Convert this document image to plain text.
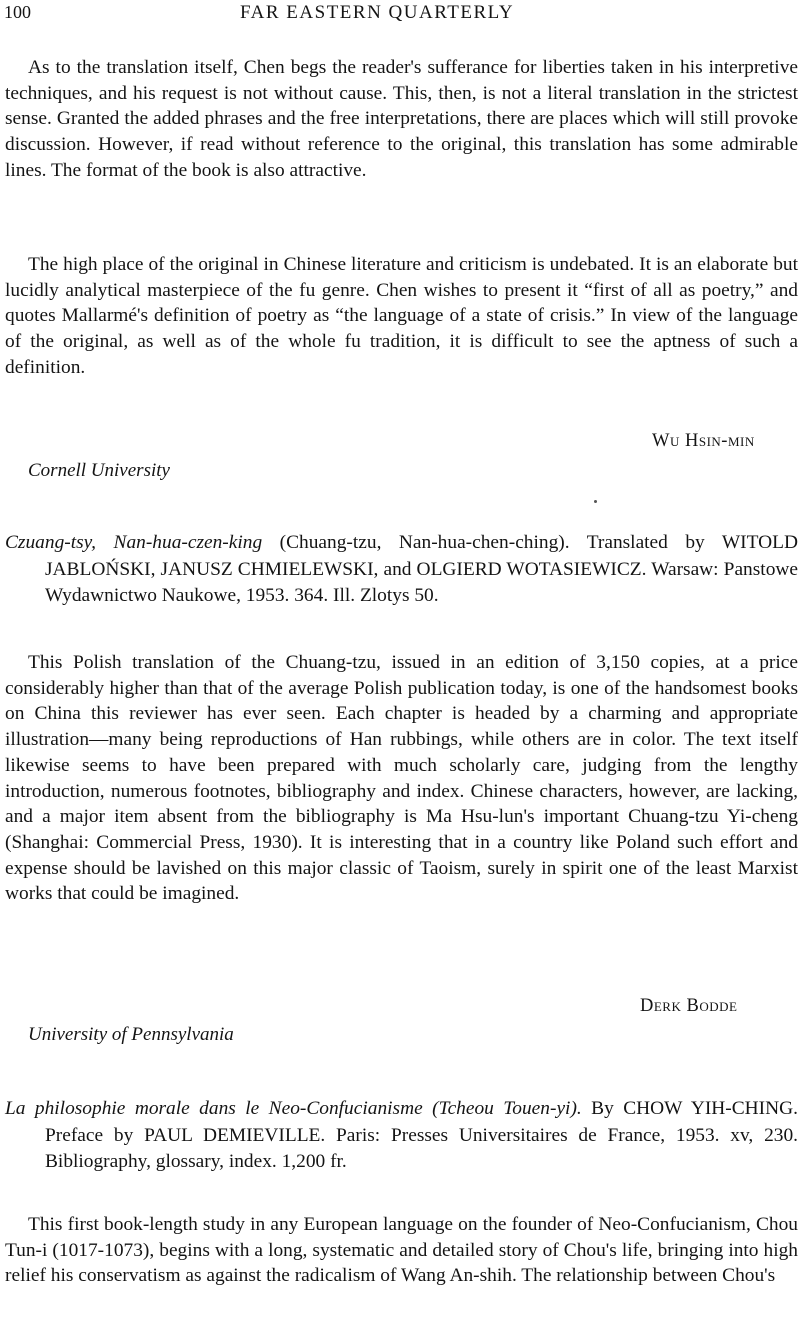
100	FAR EASTERN QUARTERLY

As to the translation itself, Chen begs the reader's sufferance for liberties taken in his interpretive techniques, and his request is not without cause. This, then, is not a literal translation in the strictest sense. Granted the added phrases and the free interpretations, there are places which will still provoke discussion. However, if read without reference to the original, this translation has some admirable lines. The format of the book is also attractive.

The high place of the original in Chinese literature and criticism is undebated. It is an elaborate but lucidly analytical masterpiece of the fu genre. Chen wishes to present it “first of all as poetry,” and quotes Mallarmé's definition of poetry as “the language of a state of crisis.” In view of the language of the original, as well as of the whole fu tradition, it is difficult to see the aptness of such a definition.

Wu Hsin-min
Cornell University

Czuang-tsy, Nan-hua-czen-king (Chuang-tzu, Nan-hua-chen-ching). Translated by WITOLD JABLOŃSKI, JANUSZ CHMIELEWSKI, and OLGIERD WOTASIEWICZ. Warsaw: Panstowe Wydawnictwo Naukowe, 1953. 364. Ill. Zlotys 50.

This Polish translation of the Chuang-tzu, issued in an edition of 3,150 copies, at a price considerably higher than that of the average Polish publication today, is one of the handsomest books on China this reviewer has ever seen. Each chapter is headed by a charming and appropriate illustration—many being reproductions of Han rubbings, while others are in color. The text itself likewise seems to have been prepared with much scholarly care, judging from the lengthy introduction, numerous footnotes, bibliography and index. Chinese characters, however, are lacking, and a major item absent from the bibliography is Ma Hsu-lun's important Chuang-tzu Yi-cheng (Shanghai: Commercial Press, 1930). It is interesting that in a country like Poland such effort and expense should be lavished on this major classic of Taoism, surely in spirit one of the least Marxist works that could be imagined.

Derk Bodde
University of Pennsylvania

La philosophie morale dans le Neo-Confucianisme (Tcheou Touen-yi). By CHOW YIH-CHING. Preface by PAUL DEMIEVILLE. Paris: Presses Universitaires de France, 1953. xv, 230. Bibliography, glossary, index. 1,200 fr.

This first book-length study in any European language on the founder of Neo-Confucianism, Chou Tun-i (1017-1073), begins with a long, systematic and detailed story of Chou's life, bringing into high relief his conservatism as against the radicalism of Wang An-shih. The relationship between Chou's
